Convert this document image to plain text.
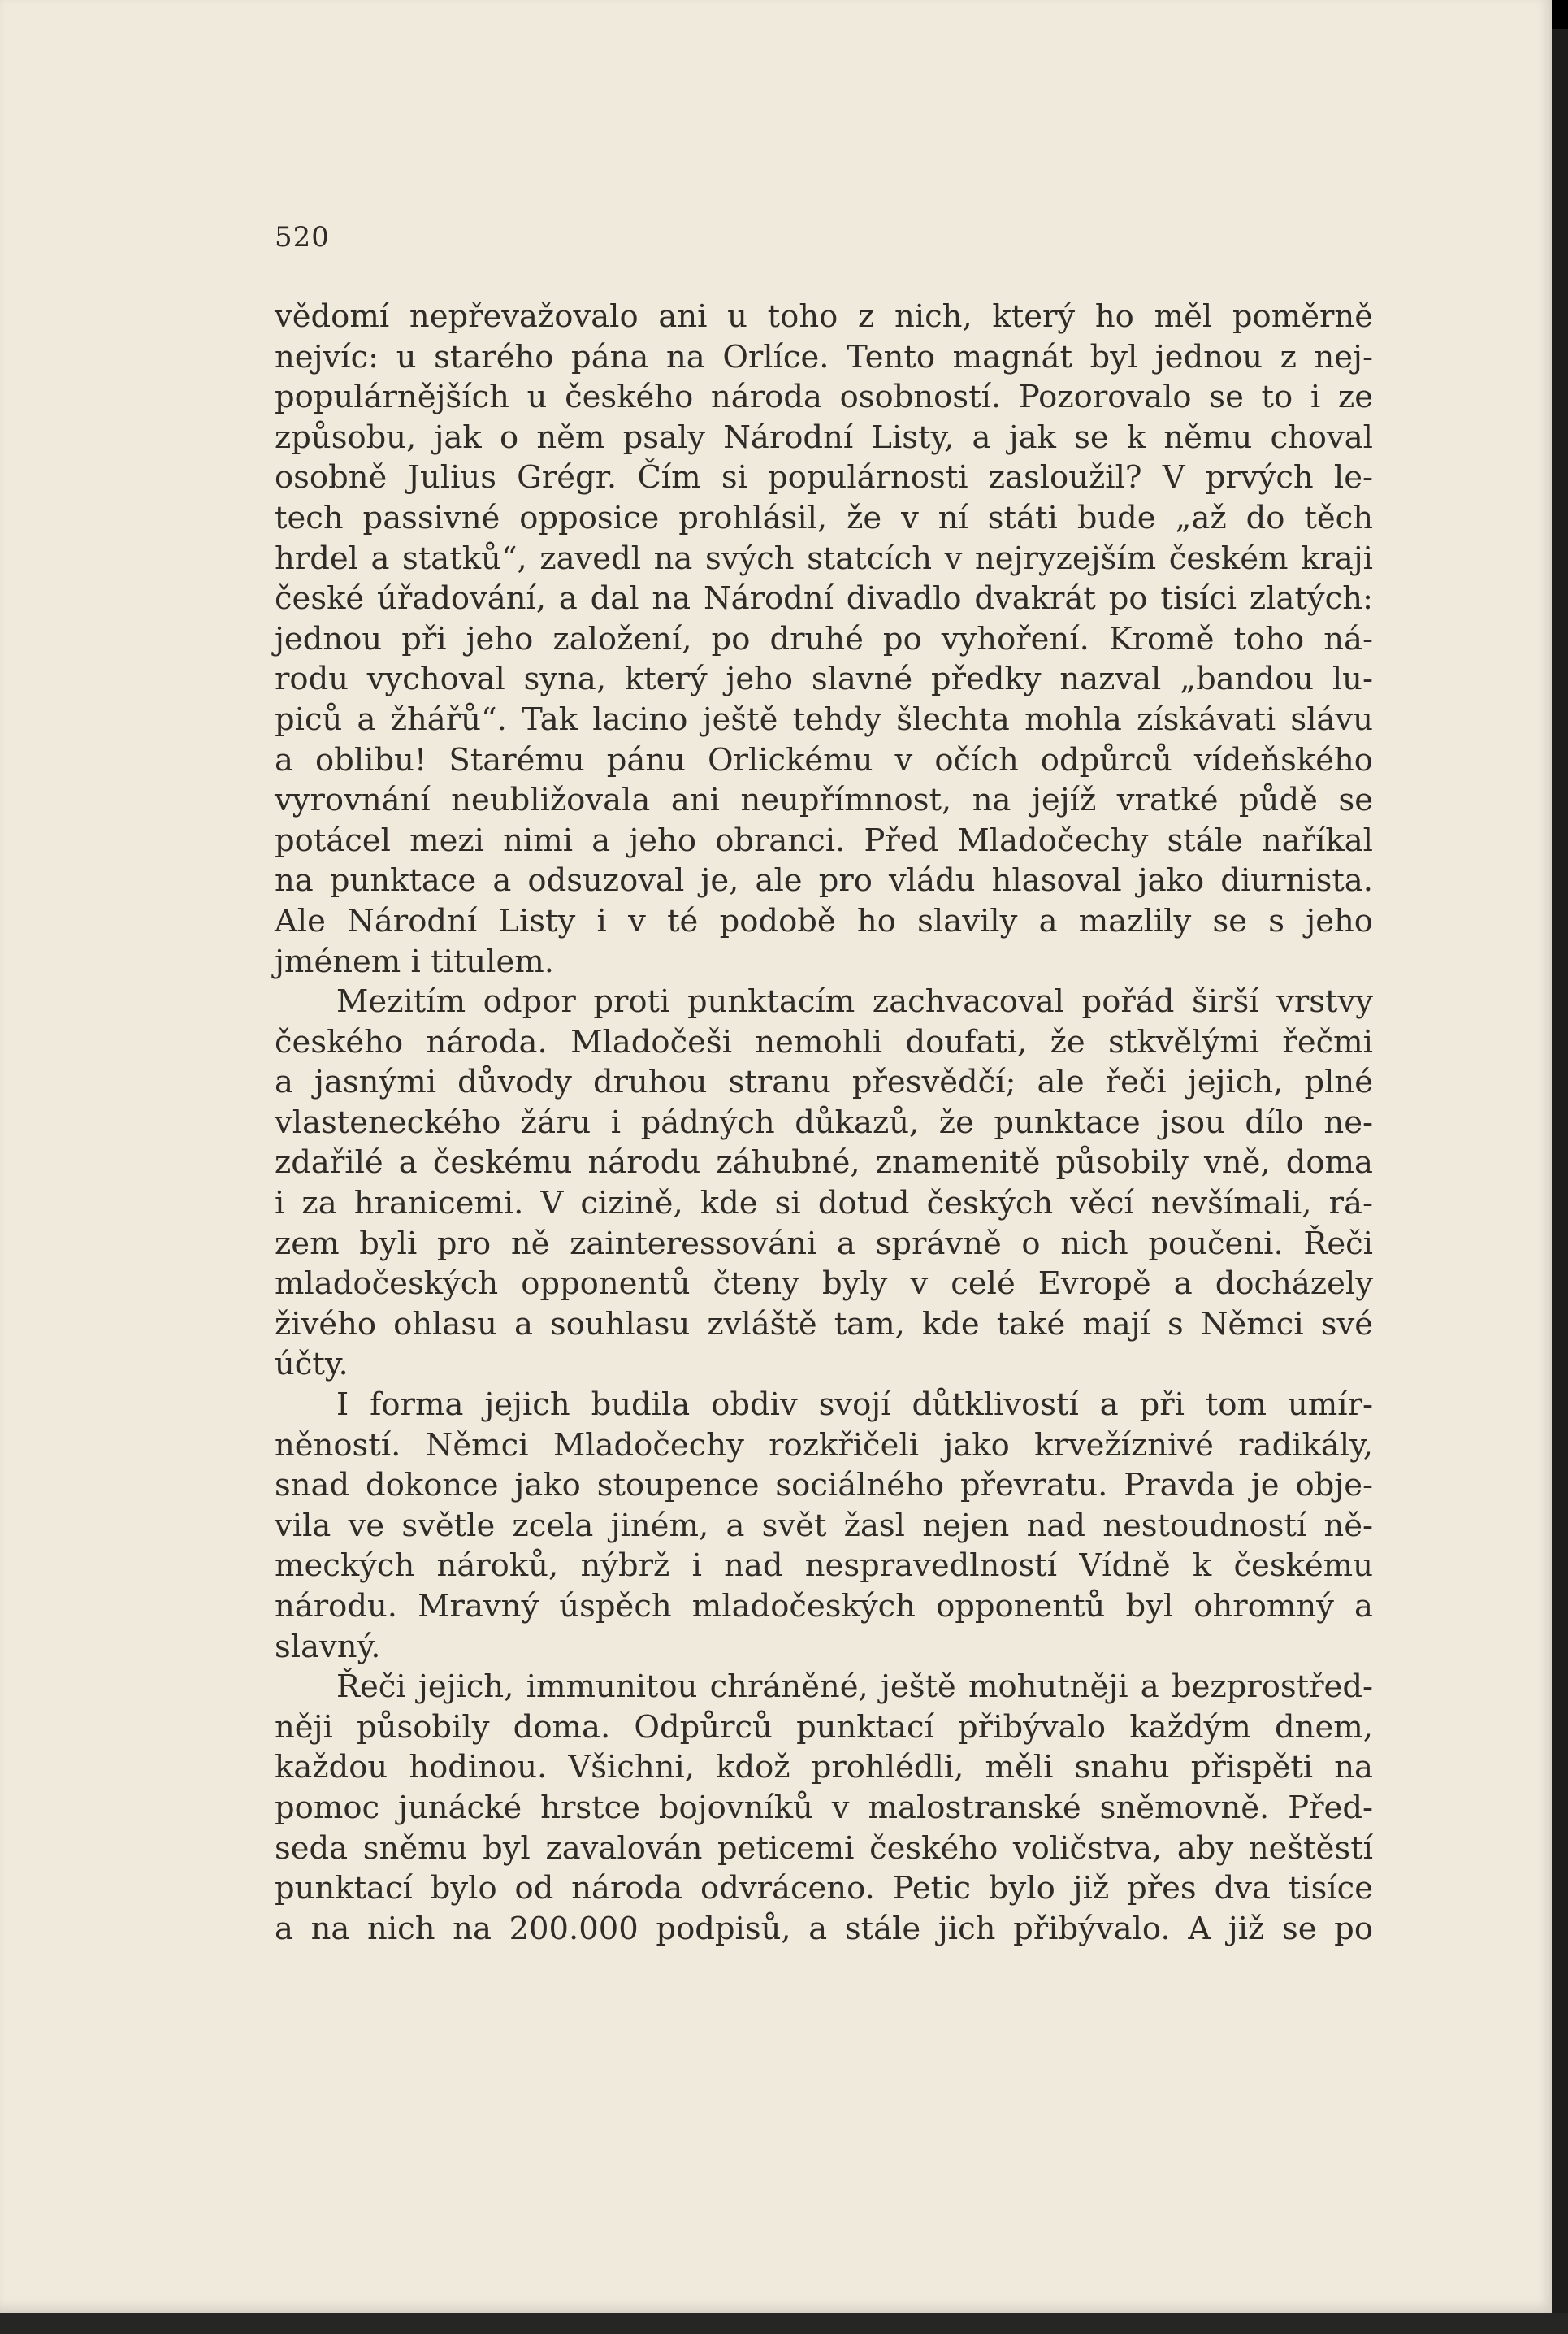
520
vědomí nepřevažovalo ani u toho z nich, který ho měl poměrně
nejvíc: u starého pána na Orlíce. Tento magnát byl jednou z nej-
populárnějších u českého národa osobností. Pozorovalo se to i ze
způsobu, jak o něm psaly Národní Listy, a jak se k němu choval
osobně Julius Grégr. Čím si populárnosti zasloužil? V prvých le-
tech passivné opposice prohlásil, že v ní státi bude „až do těch
hrdel a statků“, zavedl na svých statcích v nejryzejším českém kraji
české úřadování, a dal na Národní divadlo dvakrát po tisíci zlatých:
jednou při jeho založení, po druhé po vyhoření. Kromě toho ná-
rodu vychoval syna, který jeho slavné předky nazval „bandou lu-
piců a žhářů“. Tak lacino ještě tehdy šlechta mohla získávati slávu
a oblibu! Starému pánu Orlickému v očích odpůrců vídeňského
vyrovnání neubližovala ani neupřímnost, na jejíž vratké půdě se
potácel mezi nimi a jeho obranci. Před Mladočechy stále naříkal
na punktace a odsuzoval je, ale pro vládu hlasoval jako diurnista.
Ale Národní Listy i v té podobě ho slavily a mazlily se s jeho
jménem i titulem.
Mezitím odpor proti punktacím zachvacoval pořád širší vrstvy
českého národa. Mladočeši nemohli doufati, že stkvělými řečmi
a jasnými důvody druhou stranu přesvědčí; ale řeči jejich, plné
vlasteneckého žáru i pádných důkazů, že punktace jsou dílo ne-
zdařilé a českému národu záhubné, znamenitě působily vně, doma
i za hranicemi. V cizině, kde si dotud českých věcí nevšímali, rá-
zem byli pro ně zainteressováni a správně o nich poučeni. Řeči
mladočeských opponentů čteny byly v celé Evropě a docházely
živého ohlasu a souhlasu zvláště tam, kde také mají s Němci své
účty.
I forma jejich budila obdiv svojí důtklivostí a při tom umír-
něností. Němci Mladočechy rozkřičeli jako krvežíznivé radikály,
snad dokonce jako stoupence sociálného převratu. Pravda je obje-
vila ve světle zcela jiném, a svět žasl nejen nad nestoudností ně-
meckých nároků, nýbrž i nad nespravedlností Vídně k českému
národu. Mravný úspěch mladočeských opponentů byl ohromný a
slavný.
Řeči jejich, immunitou chráněné, ještě mohutněji a bezprostřed-
něji působily doma. Odpůrců punktací přibývalo každým dnem,
každou hodinou. Všichni, kdož prohlédli, měli snahu přispěti na
pomoc junácké hrstce bojovníků v malostranské sněmovně. Před-
seda sněmu byl zavalován peticemi českého voličstva, aby neštěstí
punktací bylo od národa odvráceno. Petic bylo již přes dva tisíce
a na nich na 200.000 podpisů, a stále jich přibývalo. A již se po
